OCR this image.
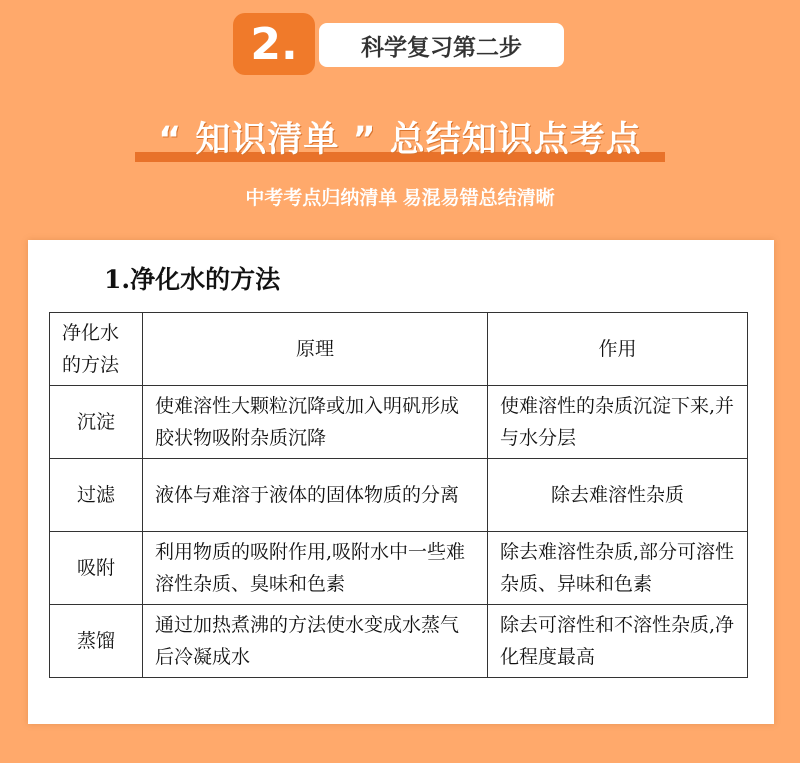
2.	科学复习第二步
“ 知识清单 ” 总结知识点考点
中考考点归纳清单 易混易错总结清晰
1.净化水的方法
净化水的方法	原理	作用
沉淀	使难溶性大颗粒沉降或加入明矾形成胶状物吸附杂质沉降	使难溶性的杂质沉淀下来,并与水分层
过滤	液体与难溶于液体的固体物质的分离	除去难溶性杂质
吸附	利用物质的吸附作用,吸附水中一些难溶性杂质、臭味和色素	除去难溶性杂质,部分可溶性杂质、异味和色素
蒸馏	通过加热煮沸的方法使水变成水蒸气后冷凝成水	除去可溶性和不溶性杂质,净化程度最高
